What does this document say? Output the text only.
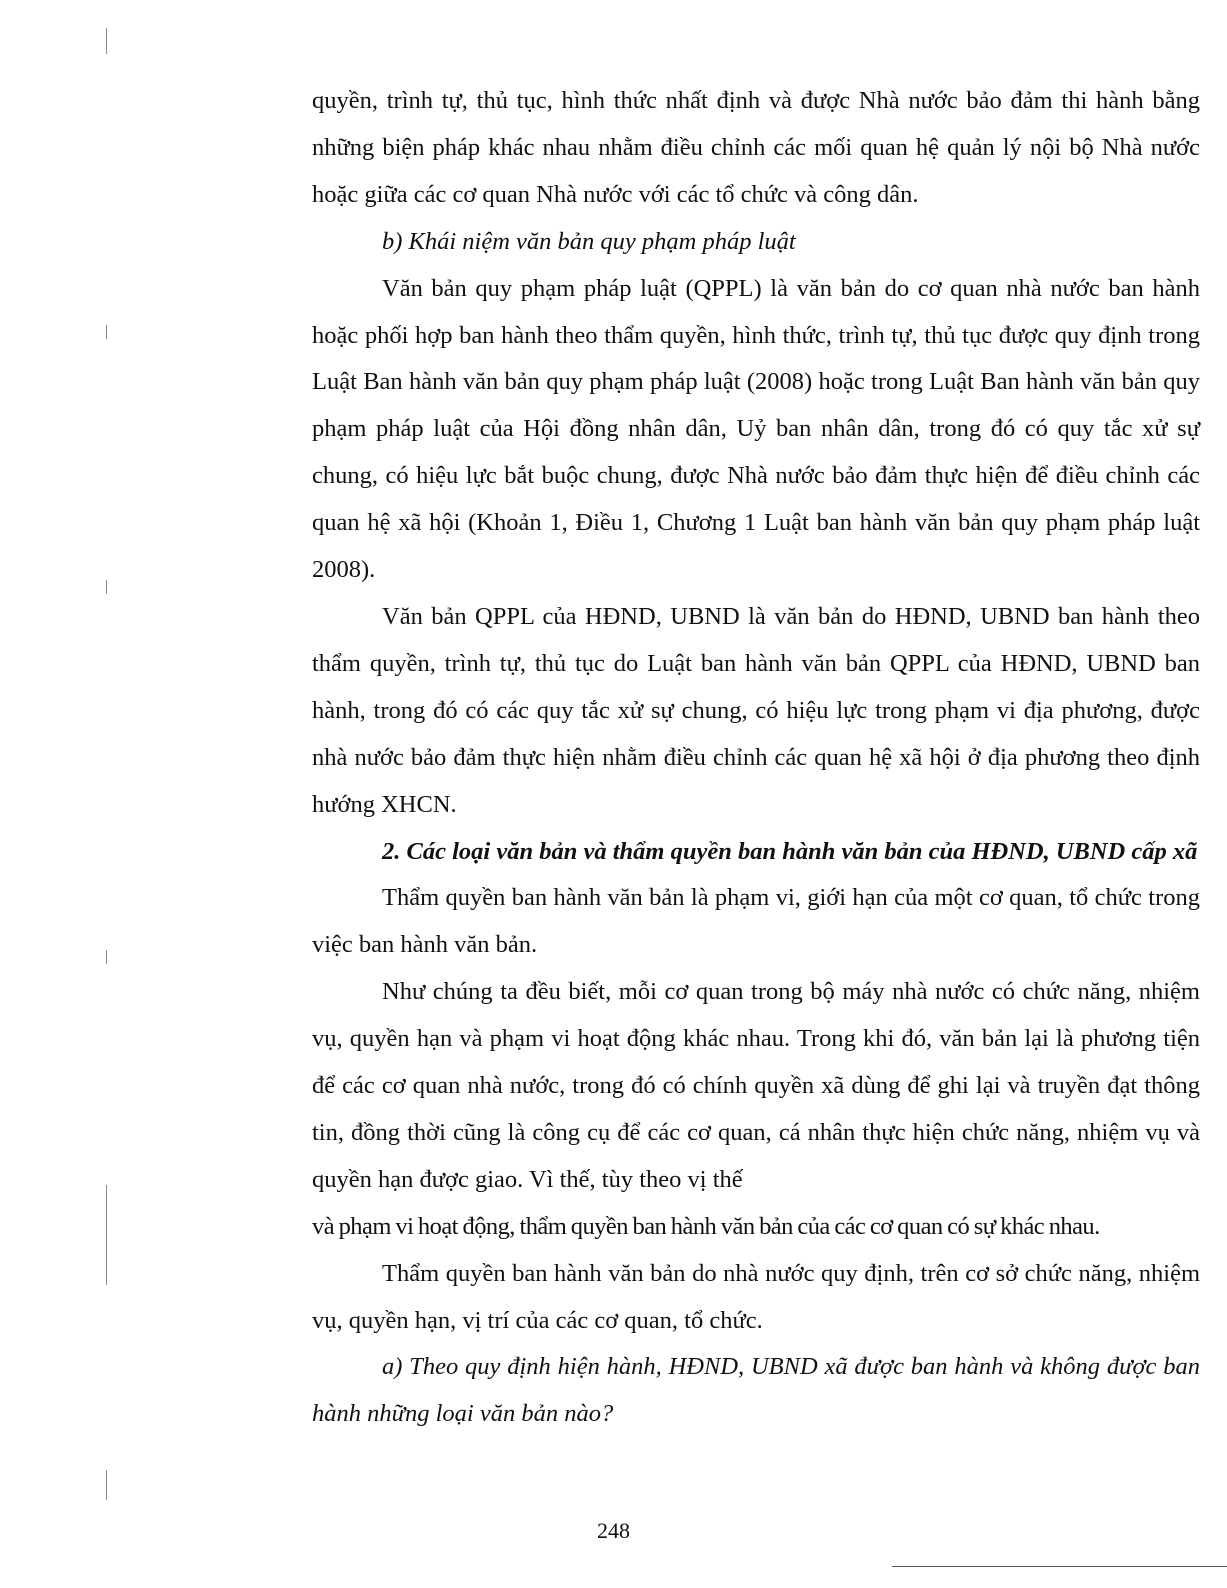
quyền, trình tự, thủ tục, hình thức nhất định và được Nhà nước bảo đảm thi hành bằng những biện pháp khác nhau nhằm điều chỉnh các mối quan hệ quản lý nội bộ Nhà nước hoặc giữa các cơ quan Nhà nước với các tổ chức và công dân.

b) Khái niệm văn bản quy phạm pháp luật

Văn bản quy phạm pháp luật (QPPL) là văn bản do cơ quan nhà nước ban hành hoặc phối hợp ban hành theo thẩm quyền, hình thức, trình tự, thủ tục được quy định trong Luật Ban hành văn bản quy phạm pháp luật (2008) hoặc trong Luật Ban hành văn bản quy phạm pháp luật của Hội đồng nhân dân, Uỷ ban nhân dân, trong đó có quy tắc xử sự chung, có hiệu lực bắt buộc chung, được Nhà nước bảo đảm thực hiện để điều chỉnh các quan hệ xã hội (Khoản 1, Điều 1, Chương 1 Luật ban hành văn bản quy phạm pháp luật 2008).

Văn bản QPPL của HĐND, UBND là văn bản do HĐND, UBND ban hành theo thẩm quyền, trình tự, thủ tục do Luật ban hành văn bản QPPL của HĐND, UBND ban hành, trong đó có các quy tắc xử sự chung, có hiệu lực trong phạm vi địa phương, được nhà nước bảo đảm thực hiện nhằm điều chỉnh các quan hệ xã hội ở địa phương theo định hướng XHCN.

2. Các loại văn bản và thẩm quyền ban hành văn bản của HĐND, UBND cấp xã

Thẩm quyền ban hành văn bản là phạm vi, giới hạn của một cơ quan, tổ chức trong việc ban hành văn bản.

Như chúng ta đều biết, mỗi cơ quan trong bộ máy nhà nước có chức năng, nhiệm vụ, quyền hạn và phạm vi hoạt động khác nhau. Trong khi đó, văn bản lại là phương tiện để các cơ quan nhà nước, trong đó có chính quyền xã dùng để ghi lại và truyền đạt thông tin, đồng thời cũng là công cụ để các cơ quan, cá nhân thực hiện chức năng, nhiệm vụ và quyền hạn được giao. Vì thế, tùy theo vị thế

và phạm vi hoạt động, thẩm quyền ban hành văn bản của các cơ quan có sự khác nhau.

Thẩm quyền ban hành văn bản do nhà nước quy định, trên cơ sở chức năng, nhiệm vụ, quyền hạn, vị trí của các cơ quan, tổ chức.

a) Theo quy định hiện hành, HĐND, UBND xã được ban hành và không được ban hành những loại văn bản nào?

248
